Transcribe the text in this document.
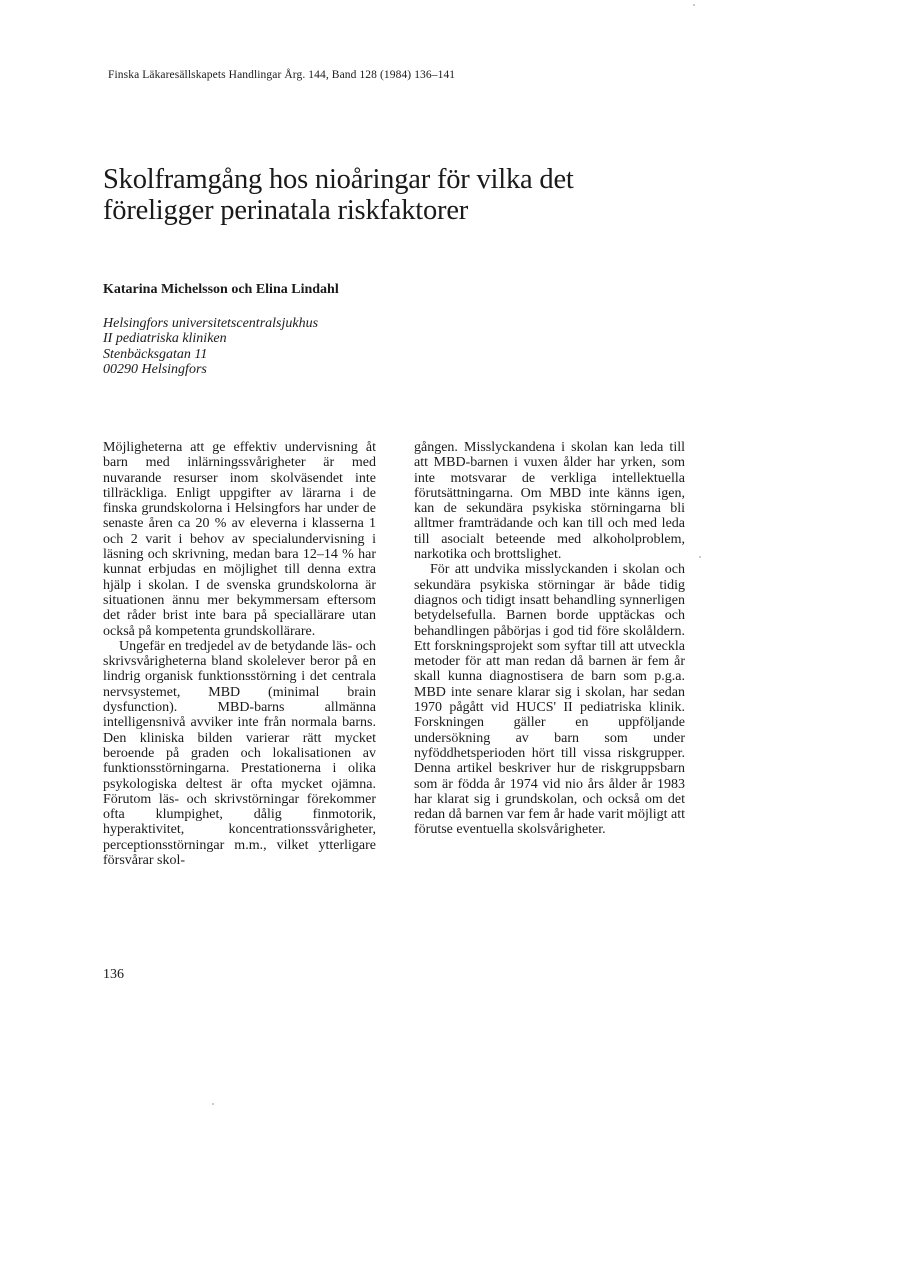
Finska Läkaresällskapets Handlingar Årg. 144, Band 128 (1984) 136–141
Skolframgång hos nioåringar för vilka det
föreligger perinatala riskfaktorer
Katarina Michelsson och Elina Lindahl
Helsingfors universitetscentralsjukhus
II pediatriska kliniken
Stenbäcksgatan 11
00290 Helsingfors

Möjligheterna att ge effektiv undervisning åt barn med inlärningssvårigheter är med nuvarande resurser inom skolväsendet inte tillräckliga. Enligt uppgifter av lärarna i de finska grundskolorna i Helsingfors har under de senaste åren ca 20 % av eleverna i klasserna 1 och 2 varit i behov av specialundervisning i läsning och skrivning, medan bara 12–14 % har kunnat erbjudas en möjlighet till denna extra hjälp i skolan. I de svenska grundskolorna är situationen ännu mer bekymmersam eftersom det råder brist inte bara på speciallärare utan också på kompetenta grundskollärare.

Ungefär en tredjedel av de betydande läs- och skrivsvårigheterna bland skolelever beror på en lindrig organisk funktionsstörning i det centrala nervsystemet, MBD (minimal brain dysfunction). MBD-barns allmänna intelligensnivå avviker inte från normala barns. Den kliniska bilden varierar rätt mycket beroende på graden och lokalisationen av funktionsstörningarna. Prestationerna i olika psykologiska deltest är ofta mycket ojämna. Förutom läs- och skrivstörningar förekommer ofta klumpighet, dålig finmotorik, hyperaktivitet, koncentrationssvårigheter, perceptionsstörningar m.m., vilket ytterligare försvårar skol-

gången. Misslyckandena i skolan kan leda till att MBD-barnen i vuxen ålder har yrken, som inte motsvarar de verkliga intellektuella förutsättningarna. Om MBD inte känns igen, kan de sekundära psykiska störningarna bli alltmer framträdande och kan till och med leda till asocialt beteende med alkoholproblem, narkotika och brottslighet.

För att undvika misslyckanden i skolan och sekundära psykiska störningar är både tidig diagnos och tidigt insatt behandling synnerligen betydelsefulla. Barnen borde upptäckas och behandlingen påbörjas i god tid före skolåldern. Ett forskningsprojekt som syftar till att utveckla metoder för att man redan då barnen är fem år skall kunna diagnostisera de barn som p.g.a. MBD inte senare klarar sig i skolan, har sedan 1970 pågått vid HUCS' II pediatriska klinik. Forskningen gäller en uppföljande undersökning av barn som under nyföddhetsperioden hört till vissa riskgrupper. Denna artikel beskriver hur de riskgruppsbarn som är födda år 1974 vid nio års ålder år 1983 har klarat sig i grundskolan, och också om det redan då barnen var fem år hade varit möjligt att förutse eventuella skolsvårigheter.

136
